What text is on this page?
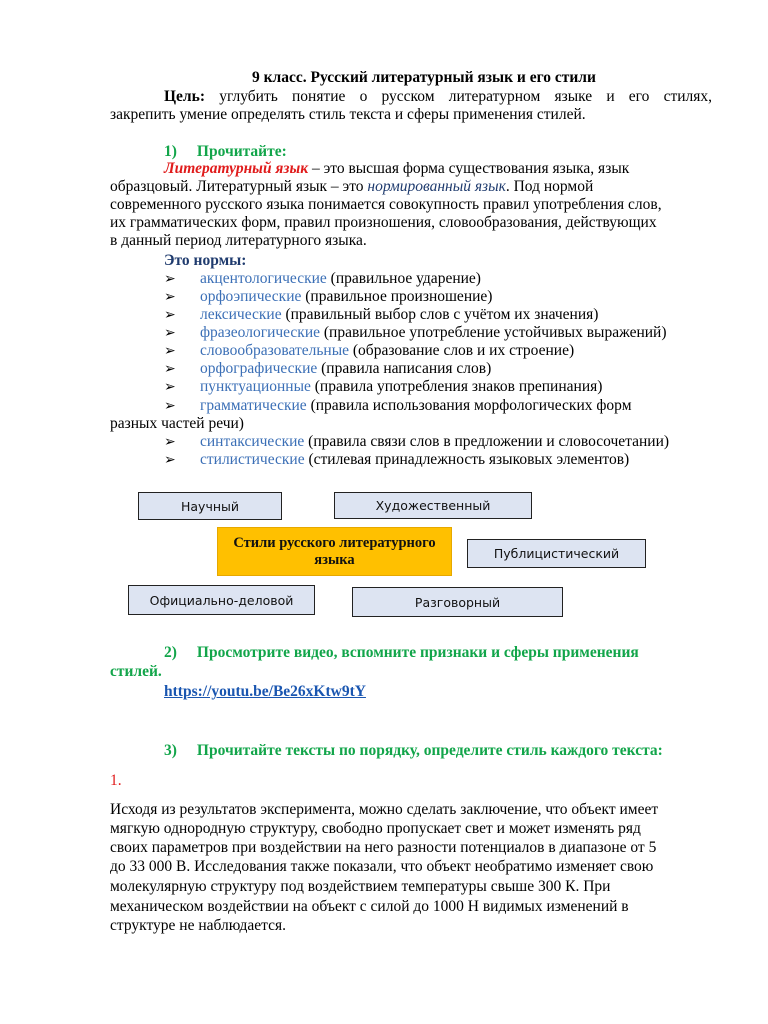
9 класс. Русский литературный язык и его стили
Цель: углубить понятие о русском литературном языке и его стилях,
закрепить умение определять стиль текста и сферы применения стилей.
1) Прочитайте:
Литературный язык – это высшая форма существования языка, язык
образцовый. Литературный язык – это нормированный язык. Под нормой
современного русского языка понимается совокупность правил употребления слов,
их грамматических форм, правил произношения, словообразования, действующих
в данный период литературного языка.
Это нормы:
➢ акцентологические (правильное ударение)
➢ орфоэпические (правильное произношение)
➢ лексические (правильный выбор слов с учётом их значения)
➢ фразеологические (правильное употребление устойчивых выражений)
➢ словообразовательные (образование слов и их строение)
➢ орфографические (правила написания слов)
➢ пунктуационные (правила употребления знаков препинания)
➢ грамматические (правила использования морфологических форм
разных частей речи)
➢ синтаксические (правила связи слов в предложении и словосочетании)
➢ стилистические (стилевая принадлежность языковых элементов)
Научный	Художественный
Стили русского литературного языка	Публицистический
Официально-деловой	Разговорный
2) Просмотрите видео, вспомните признаки и сферы применения
стилей.
https://youtu.be/Be26xKtw9tY
3) Прочитайте тексты по порядку, определите стиль каждого текста:
1.
Исходя из результатов эксперимента, можно сделать заключение, что объект имеет
мягкую однородную структуру, свободно пропускает свет и может изменять ряд
своих параметров при воздействии на него разности потенциалов в диапазоне от 5
до 33 000 В. Исследования также показали, что объект необратимо изменяет свою
молекулярную структуру под воздействием температуры свыше 300 К. При
механическом воздействии на объект с силой до 1000 Н видимых изменений в
структуре не наблюдается.
